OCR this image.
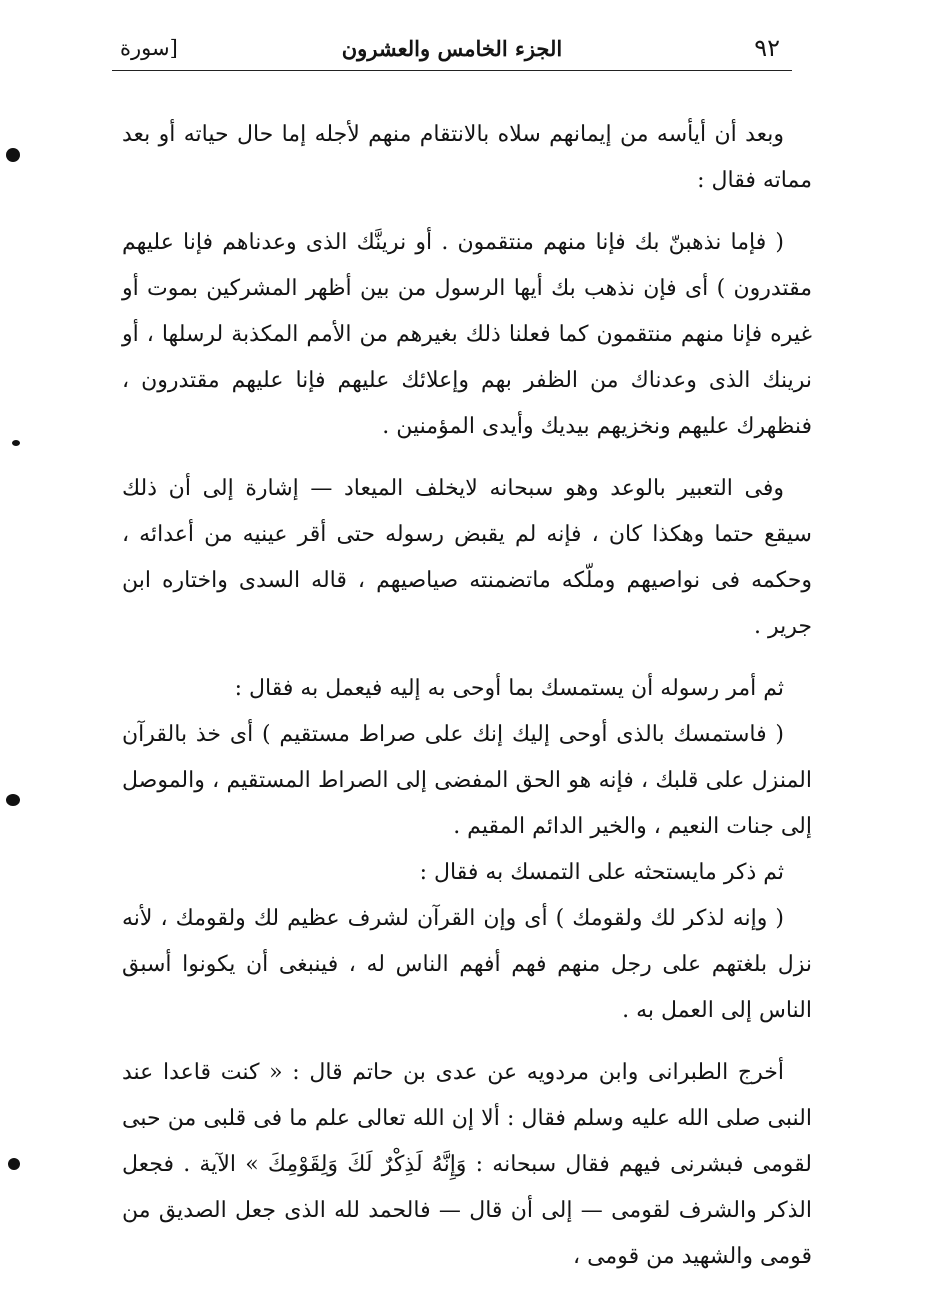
٩٢
الجزء الخامس والعشرون
[سورة

وبعد أن أيأسه من إيمانهم سلاه بالانتقام منهم لأجله إما حال حياته أو بعد مماته فقال :

( فإما نذهبنّ بك فإنا منهم منتقمون . أو نرينَّك الذى وعدناهم فإنا عليهم مقتدرون ) أى فإن نذهب بك أيها الرسول من بين أظهر المشركين بموت أو غيره فإنا منهم منتقمون كما فعلنا ذلك بغيرهم من الأمم المكذبة لرسلها ، أو نرينك الذى وعدناك من الظفر بهم وإعلائك عليهم فإنا عليهم مقتدرون ، فنظهرك عليهم ونخزيهم بيديك وأيدى المؤمنين .

وفى التعبير بالوعد وهو سبحانه لايخلف الميعاد — إشارة إلى أن ذلك سيقع حتما وهكذا كان ، فإنه لم يقبض رسوله حتى أقر عينيه من أعدائه ، وحكمه فى نواصيهم وملّكه ماتضمنته صياصيهم ، قاله السدى واختاره ابن جرير .

ثم أمر رسوله أن يستمسك بما أوحى به إليه فيعمل به فقال :

( فاستمسك بالذى أوحى إليك إنك على صراط مستقيم ) أى خذ بالقرآن المنزل على قلبك ، فإنه هو الحق المفضى إلى الصراط المستقيم ، والموصل إلى جنات النعيم ، والخير الدائم المقيم .

ثم ذكر مايستحثه على التمسك به فقال :

( وإنه لذكر لك ولقومك ) أى وإن القرآن لشرف عظيم لك ولقومك ، لأنه نزل بلغتهم على رجل منهم فهم أفهم الناس له ، فينبغى أن يكونوا أسبق الناس إلى العمل به .

أخرج الطبرانى وابن مردويه عن عدى بن حاتم قال : « كنت قاعدا عند النبى صلى الله عليه وسلم فقال : ألا إن الله تعالى علم ما فى قلبى من حبى لقومى فبشرنى فيهم فقال سبحانه : وَإِنَّهُ لَذِكْرٌ لَكَ وَلِقَوْمِكَ » الآية . فجعل الذكر والشرف لقومى — إلى أن قال — فالحمد لله الذى جعل الصديق من قومى والشهيد من قومى ،
